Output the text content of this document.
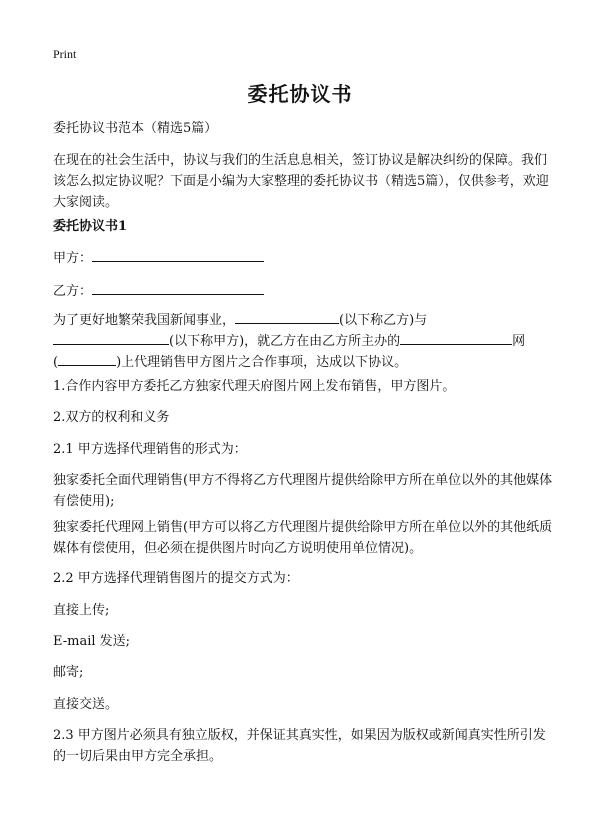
Print
委托协议书
委托协议书范本（精选5篇）
在现在的社会生活中，协议与我们的生活息息相关，签订协议是解决纠纷的保障。我们该怎么拟定协议呢？下面是小编为大家整理的委托协议书（精选5篇），仅供参考，欢迎大家阅读。
委托协议书1
甲方：
乙方：
为了更好地繁荣我国新闻事业，	(以下称乙方)与
(以下称甲方)，就乙方在由乙方所主办的	网
(	)上代理销售甲方图片之合作事项，达成以下协议。
1.合作内容甲方委托乙方独家代理天府图片网上发布销售，甲方图片。
2.双方的权利和义务
2.1 甲方选择代理销售的形式为：
独家委托全面代理销售(甲方不得将乙方代理图片提供给除甲方所在单位以外的其他媒体有偿使用);
独家委托代理网上销售(甲方可以将乙方代理图片提供给除甲方所在单位以外的其他纸质媒体有偿使用，但必须在提供图片时向乙方说明使用单位情况)。
2.2 甲方选择代理销售图片的提交方式为：
直接上传;
E-mail 发送;
邮寄;
直接交送。
2.3 甲方图片必须具有独立版权，并保证其真实性，如果因为版权或新闻真实性所引发的一切后果由甲方完全承担。
